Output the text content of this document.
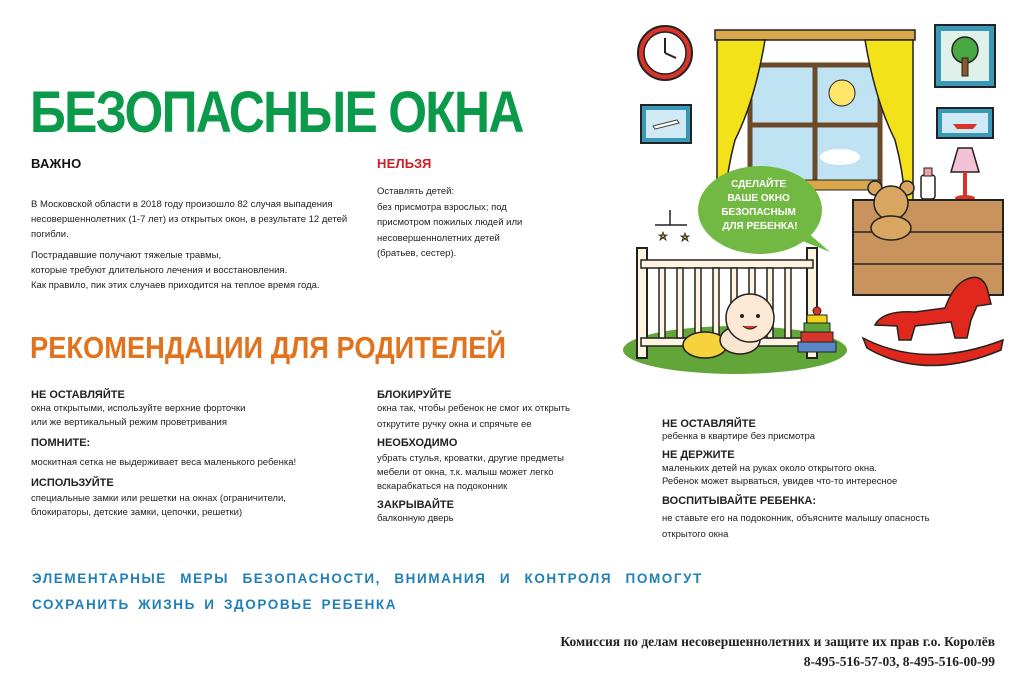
БЕЗОПАСНЫЕ ОКНА
ВАЖНО

В Московской области в 2018 году произошло 82 случая выпадения

несовершеннолетних (1-7 лет) из открытых окон, в результате 12 детей

погибли.

Пострадавшие получают тяжелые травмы,

которые требуют длительного лечения и восстановления.

Как правило, пик этих случаев приходится на теплое время года.

НЕЛЬЗЯ

Оставлять детей:

без присмотра взрослых; под

присмотром пожилых людей или

несовершеннолетних детей

(братьев, сестер).

СДЕЛАЙТЕ ВАШЕ ОКНО БЕЗОПАСНЫМ ДЛЯ РЕБЕНКА!
РЕКОМЕНДАЦИИ ДЛЯ РОДИТЕЛЕЙ
НЕ ОСТАВЛЯЙТЕ
окна открытыми, используйте верхние форточки
или же вертикальный режим проветривания
ПОМНИТЕ:
москитная сетка не выдерживает веса маленького ребенка!
ИСПОЛЬЗУЙТЕ
специальные замки или решетки на окнах (ограничители,
блокираторы, детские замки, цепочки, решетки)
БЛОКИРУЙТЕ
окна так, чтобы ребенок не смог их открыть
открутите ручку окна и спрячьте ее
НЕОБХОДИМО
убрать стулья, кроватки, другие предметы
мебели от окна, т.к. малыш может легко
вскарабкаться на подоконник
ЗАКРЫВАЙТЕ
балконную дверь
НЕ ОСТАВЛЯЙТЕ
ребенка в квартире без присмотра
НЕ ДЕРЖИТЕ
маленьких детей на руках около открытого окна.
Ребенок может вырваться, увидев что-то интересное
ВОСПИТЫВАЙТЕ РЕБЕНКА:
не ставьте его на подоконник, объясните малышу опасность
открытого окна
ЭЛЕМЕНТАРНЫЕ МЕРЫ БЕЗОПАСНОСТИ, ВНИМАНИЯ И КОНТРОЛЯ ПОМОГУТ
СОХРАНИТЬ ЖИЗНЬ И ЗДОРОВЬЕ РЕБЕНКА
Комиссия по делам несовершеннолетних и защите их прав г.о. Королёв
8-495-516-57-03, 8-495-516-00-99
